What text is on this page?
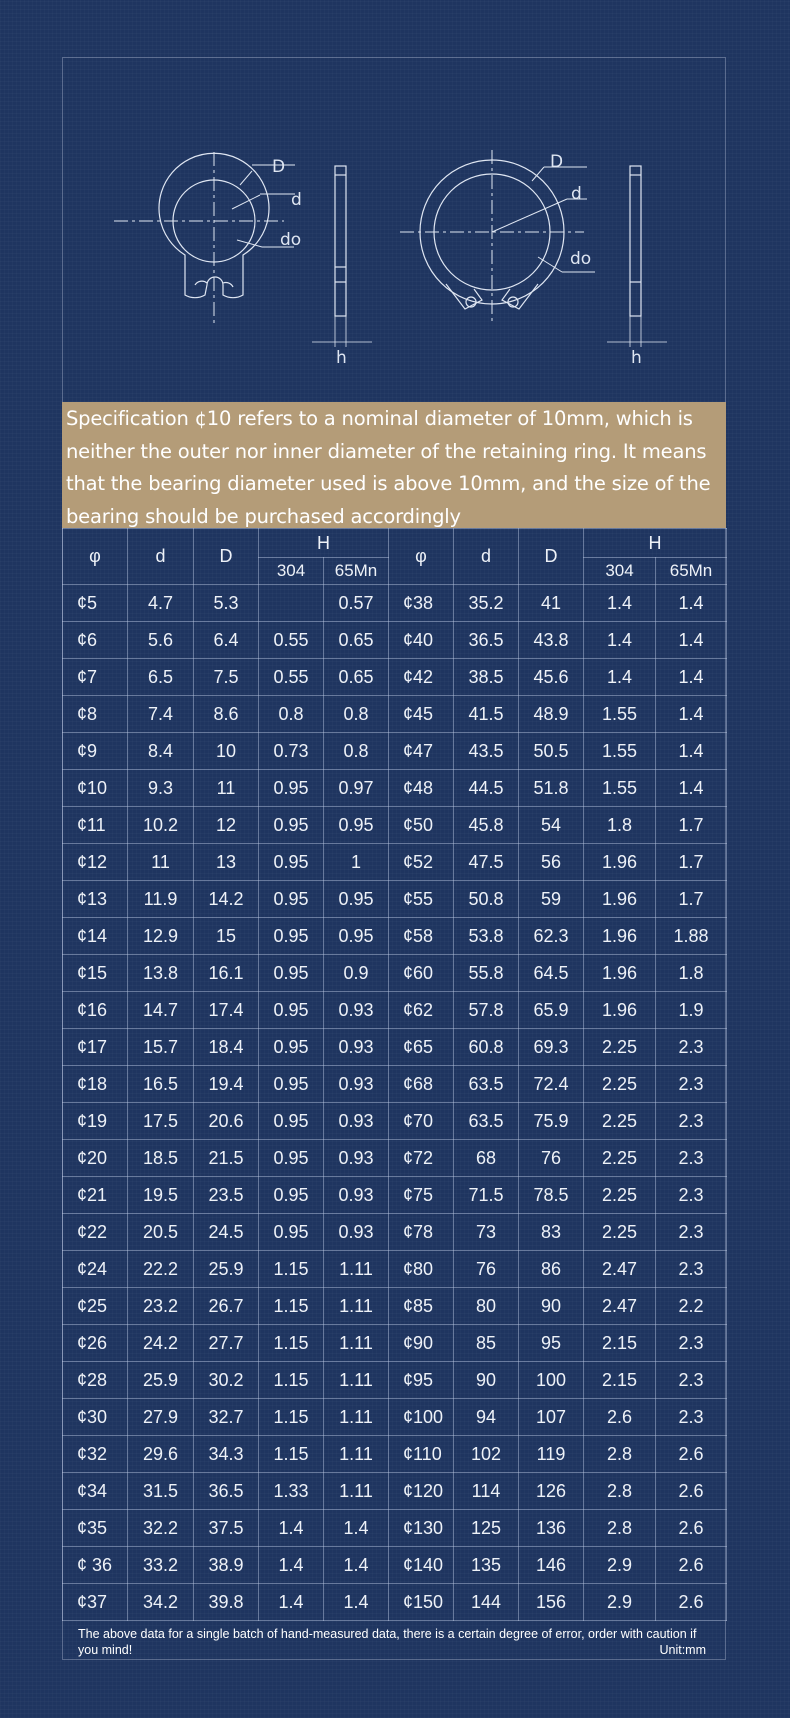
D
d
do
h
D
d
do
h
Specification ¢10 refers to a nominal diameter of 10mm, which is neither the outer nor inner diameter of the retaining ring. It means that the bearing diameter used is above 10mm, and the size of the bearing should be purchased accordingly
φ	d	D	H		φ	d	D	H	
			304	65Mn				304	65Mn
¢5	4.7	5.3		0.57	¢38	35.2	41	1.4	1.4
¢6	5.6	6.4	0.55	0.65	¢40	36.5	43.8	1.4	1.4
¢7	6.5	7.5	0.55	0.65	¢42	38.5	45.6	1.4	1.4
¢8	7.4	8.6	0.8	0.8	¢45	41.5	48.9	1.55	1.4
¢9	8.4	10	0.73	0.8	¢47	43.5	50.5	1.55	1.4
¢10	9.3	11	0.95	0.97	¢48	44.5	51.8	1.55	1.4
¢11	10.2	12	0.95	0.95	¢50	45.8	54	1.8	1.7
¢12	11	13	0.95	1	¢52	47.5	56	1.96	1.7
¢13	11.9	14.2	0.95	0.95	¢55	50.8	59	1.96	1.7
¢14	12.9	15	0.95	0.95	¢58	53.8	62.3	1.96	1.88
¢15	13.8	16.1	0.95	0.9	¢60	55.8	64.5	1.96	1.8
¢16	14.7	17.4	0.95	0.93	¢62	57.8	65.9	1.96	1.9
¢17	15.7	18.4	0.95	0.93	¢65	60.8	69.3	2.25	2.3
¢18	16.5	19.4	0.95	0.93	¢68	63.5	72.4	2.25	2.3
¢19	17.5	20.6	0.95	0.93	¢70	63.5	75.9	2.25	2.3
¢20	18.5	21.5	0.95	0.93	¢72	68	76	2.25	2.3
¢21	19.5	23.5	0.95	0.93	¢75	71.5	78.5	2.25	2.3
¢22	20.5	24.5	0.95	0.93	¢78	73	83	2.25	2.3
¢24	22.2	25.9	1.15	1.11	¢80	76	86	2.47	2.3
¢25	23.2	26.7	1.15	1.11	¢85	80	90	2.47	2.2
¢26	24.2	27.7	1.15	1.11	¢90	85	95	2.15	2.3
¢28	25.9	30.2	1.15	1.11	¢95	90	100	2.15	2.3
¢30	27.9	32.7	1.15	1.11	¢100	94	107	2.6	2.3
¢32	29.6	34.3	1.15	1.11	¢110	102	119	2.8	2.6
¢34	31.5	36.5	1.33	1.11	¢120	114	126	2.8	2.6
¢35	32.2	37.5	1.4	1.4	¢130	125	136	2.8	2.6
¢ 36	33.2	38.9	1.4	1.4	¢140	135	146	2.9	2.6
¢37	34.2	39.8	1.4	1.4	¢150	144	156	2.9	2.6
The above data for a single batch of hand-measured data, there is a certain degree of error, order with caution if you mind!	Unit:mm
